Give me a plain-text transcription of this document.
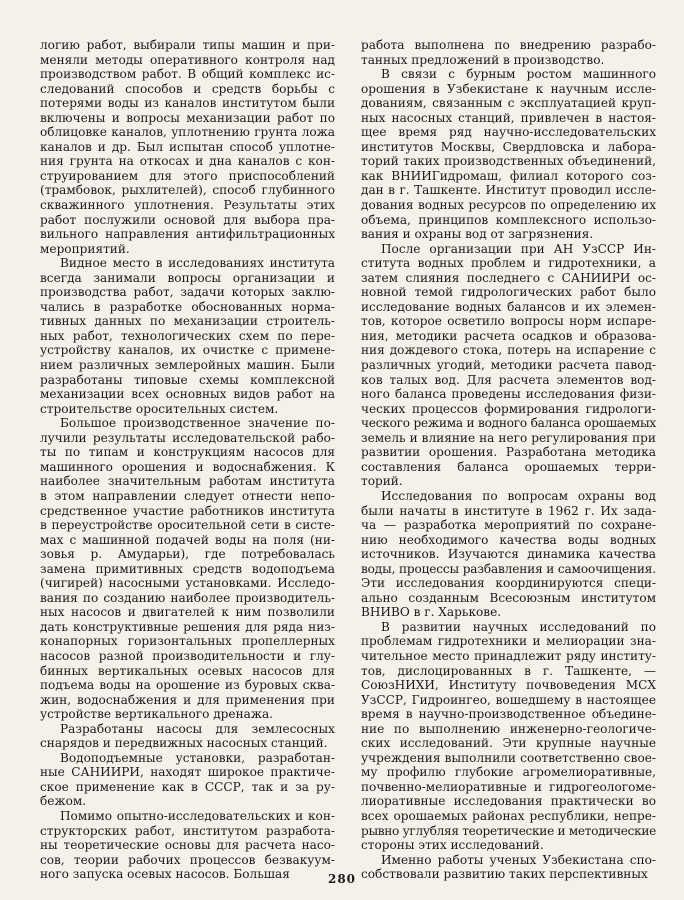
логию работ, выбирали типы машин и при-
меняли методы оперативного контроля над
производством работ. В общий комплекс ис-
следований способов и средств борьбы с
потерями воды из каналов институтом были
включены и вопросы механизации работ по
облицовке каналов, уплотнению грунта ложа
каналов и др. Был испытан способ уплотне-
ния грунта на откосах и дна каналов с кон-
струированием для этого приспособлений
(трамбовок, рыхлителей), способ глубинного
скважинного уплотнения. Результаты этих
работ послужили основой для выбора пра-
вильного направления антифильтрационных
мероприятий.
Видное место в исследованиях института
всегда занимали вопросы организации и
производства работ, задачи которых заклю-
чались в разработке обоснованных норма-
тивных данных по механизации строитель-
ных работ, технологических схем по пере-
устройству каналов, их очистке с примене-
нием различных землеройных машин. Были
разработаны типовые схемы комплексной
механизации всех основных видов работ на
строительстве оросительных систем.
Большое производственное значение по-
лучили результаты исследовательской рабо-
ты по типам и конструкциям насосов для
машинного орошения и водоснабжения. К
наиболее значительным работам института
в этом направлении следует отнести непо-
средственное участие работников института
в переустройстве оросительной сети в систе-
мах с машинной подачей воды на поля (ни-
зовья р. Амударьи), где потребовалась
замена примитивных средств водоподъема
(чигирей) насосными установками. Исследо-
вания по созданию наиболее производитель-
ных насосов и двигателей к ним позволили
дать конструктивные решения для ряда низ-
конапорных горизонтальных пропеллерных
насосов разной производительности и глу-
бинных вертикальных осевых насосов для
подъема воды на орошение из буровых сква-
жин, водоснабжения и для применения при
устройстве вертикального дренажа.
Разработаны насосы для землесосных
снарядов и передвижных насосных станций.
Водоподъемные установки, разработан-
ные САНИИРИ, находят широкое практиче-
ское применение как в СССР, так и за ру-
бежом.
Помимо опытно-исследовательских и кон-
структорских работ, институтом разработа-
ны теоретические основы для расчета насо-
сов, теории рабочих процессов безвакуум-
ного запуска осевых насосов. Большая
работа выполнена по внедрению разрабо-
танных предложений в производство.
В связи с бурным ростом машинного
орошения в Узбекистане к научным иссле-
дованиям, связанным с эксплуатацией круп-
ных насосных станций, привлечен в настоя-
щее время ряд научно-исследовательских
институтов Москвы, Свердловска и лабора-
торий таких производственных объединений,
как ВНИИГидромаш, филиал которого соз-
дан в г. Ташкенте. Институт проводил иссле-
дования водных ресурсов по определению их
объема, принципов комплексного использо-
вания и охраны вод от загрязнения.
После организации при АН УзССР Ин-
ститута водных проблем и гидротехники, а
затем слияния последнего с САНИИРИ ос-
новной темой гидрологических работ было
исследование водных балансов и их элемен-
тов, которое осветило вопросы норм испаре-
ния, методики расчета осадков и образова-
ния дождевого стока, потерь на испарение с
различных угодий, методики расчета павод-
ков талых вод. Для расчета элементов вод-
ного баланса проведены исследования физи-
ческих процессов формирования гидрологи-
ческого режима и водного баланса орошаемых
земель и влияние на него регулирования при
развитии орошения. Разработана методика
составления баланса орошаемых терри-
торий.
Исследования по вопросам охраны вод
были начаты в институте в 1962 г. Их зада-
ча — разработка мероприятий по сохране-
нию необходимого качества воды водных
источников. Изучаются динамика качества
воды, процессы разбавления и самоочищения.
Эти исследования координируются специ-
ально созданным Всесоюзным институтом
ВНИВО в г. Харькове.
В развитии научных исследований по
проблемам гидротехники и мелиорации зна-
чительное место принадлежит ряду институ-
тов, дислоцированных в г. Ташкенте, —
СоюзНИХИ, Институту почвоведения МСХ
УзССР, Гидроингео, вошедшему в настоящее
время в научно-производственное объедине-
ние по выполнению инженерно-геологиче-
ских исследований. Эти крупные научные
учреждения выполнили соответственно свое-
му профилю глубокие агромелиоративные,
почвенно-мелиоративные и гидрогеологоме-
лиоративные исследования практически во
всех орошаемых районах республики, непре-
рывно углубляя теоретические и методические
стороны этих исследований.
Именно работы ученых Узбекистана спо-
собствовали развитию таких перспективных
280
